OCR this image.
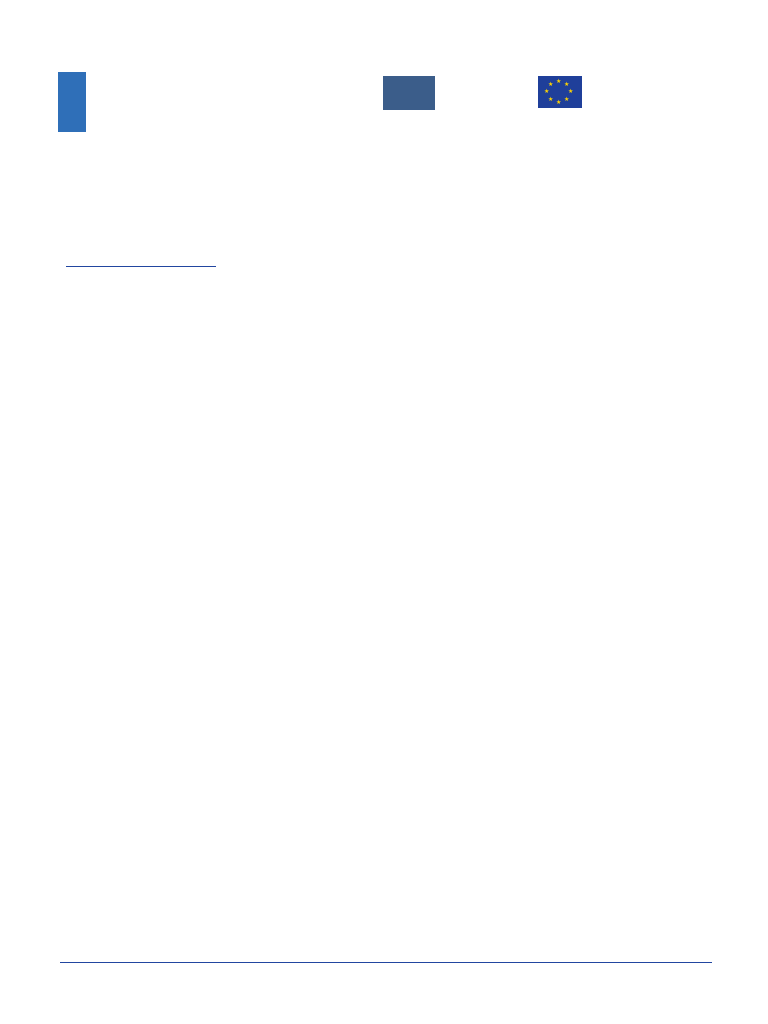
★ ★
★
★
★
★
★
★
